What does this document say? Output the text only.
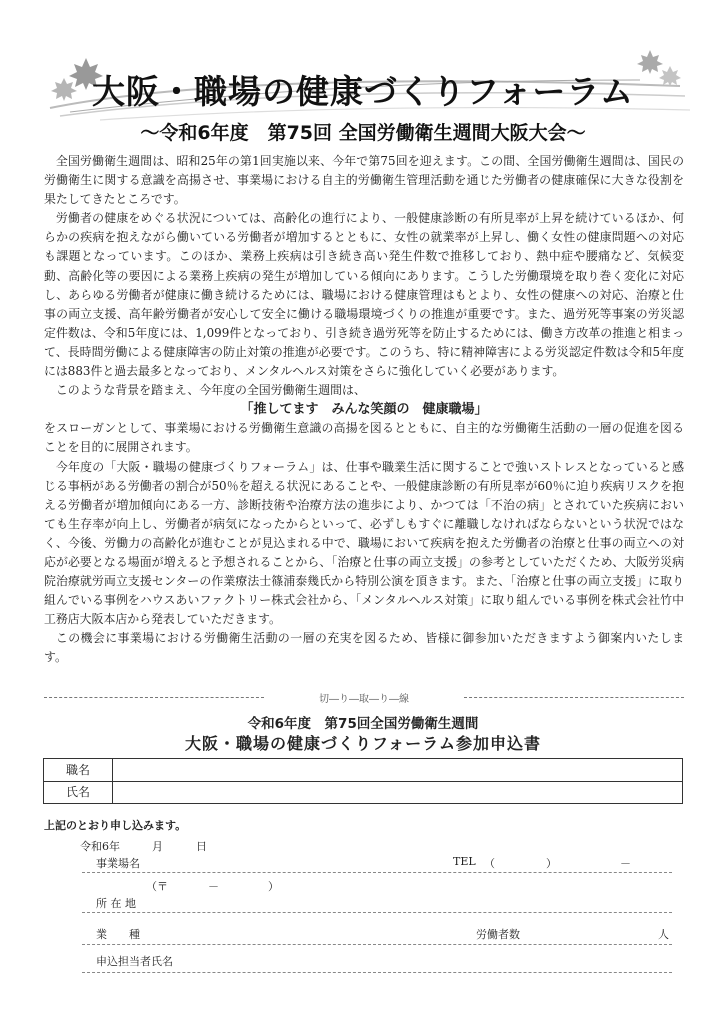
大阪・職場の健康づくりフォーラム
～令和6年度　第75回 全国労働衛生週間大阪大会～

全国労働衛生週間は、昭和25年の第1回実施以来、今年で第75回を迎えます。この間、全国労働衛生週間は、国民の労働衛生に関する意識を高揚させ、事業場における自主的労働衛生管理活動を通じた労働者の健康確保に大きな役割を果たしてきたところです。

労働者の健康をめぐる状況については、高齢化の進行により、一般健康診断の有所見率が上昇を続けているほか、何らかの疾病を抱えながら働いている労働者が増加するとともに、女性の就業率が上昇し、働く女性の健康問題への対応も課題となっています。このほか、業務上疾病は引き続き高い発生件数で推移しており、熱中症や腰痛など、気候変動、高齢化等の要因による業務上疾病の発生が増加している傾向にあります。こうした労働環境を取り巻く変化に対応し、あらゆる労働者が健康に働き続けるためには、職場における健康管理はもとより、女性の健康への対応、治療と仕事の両立支援、高年齢労働者が安心して安全に働ける職場環境づくりの推進が重要です。また、過労死等事案の労災認定件数は、令和5年度には、1,099件となっており、引き続き過労死等を防止するためには、働き方改革の推進と相まって、長時間労働による健康障害の防止対策の推進が必要です。このうち、特に精神障害による労災認定件数は令和5年度には883件と過去最多となっており、メンタルヘルス対策をさらに強化していく必要があります。

このような背景を踏まえ、今年度の全国労働衛生週間は、

「推してます　みんな笑顔の　健康職場」

をスローガンとして、事業場における労働衛生意識の高揚を図るとともに、自主的な労働衛生活動の一層の促進を図ることを目的に展開されます。

今年度の「大阪・職場の健康づくりフォーラム」は、仕事や職業生活に関することで強いストレスとなっていると感じる事柄がある労働者の割合が50％を超える状況にあることや、一般健康診断の有所見率が60％に迫り疾病リスクを抱える労働者が増加傾向にある一方、診断技術や治療方法の進歩により、かつては「不治の病」とされていた疾病においても生存率が向上し、労働者が病気になったからといって、必ずしもすぐに離職しなければならないという状況ではなく、今後、労働力の高齢化が進むことが見込まれる中で、職場において疾病を抱えた労働者の治療と仕事の両立への対応が必要となる場面が増えると予想されることから、「治療と仕事の両立支援」の参考としていただくため、大阪労災病院治療就労両立支援センターの作業療法士篠浦泰幾氏から特別公演を頂きます。また、「治療と仕事の両立支援」に取り組んでいる事例をハウスあいファクトリー株式会社から、「メンタルヘルス対策」に取り組んでいる事例を株式会社竹中工務店大阪本店から発表していただきます。

この機会に事業場における労働衛生活動の一層の充実を図るため、皆様に御参加いただきますよう御案内いたします。

切―り―取―り―線
令和6年度　第75回全国労働衛生週間
大阪・職場の健康づくりフォーラム参加申込書
職名
氏名
上記のとおり申し込みます。
令和6年	月	日
事業場名	TEL （	）	－
（〒	－	）
所 在 地
業　　種	労働者数	人
申込担当者氏名
